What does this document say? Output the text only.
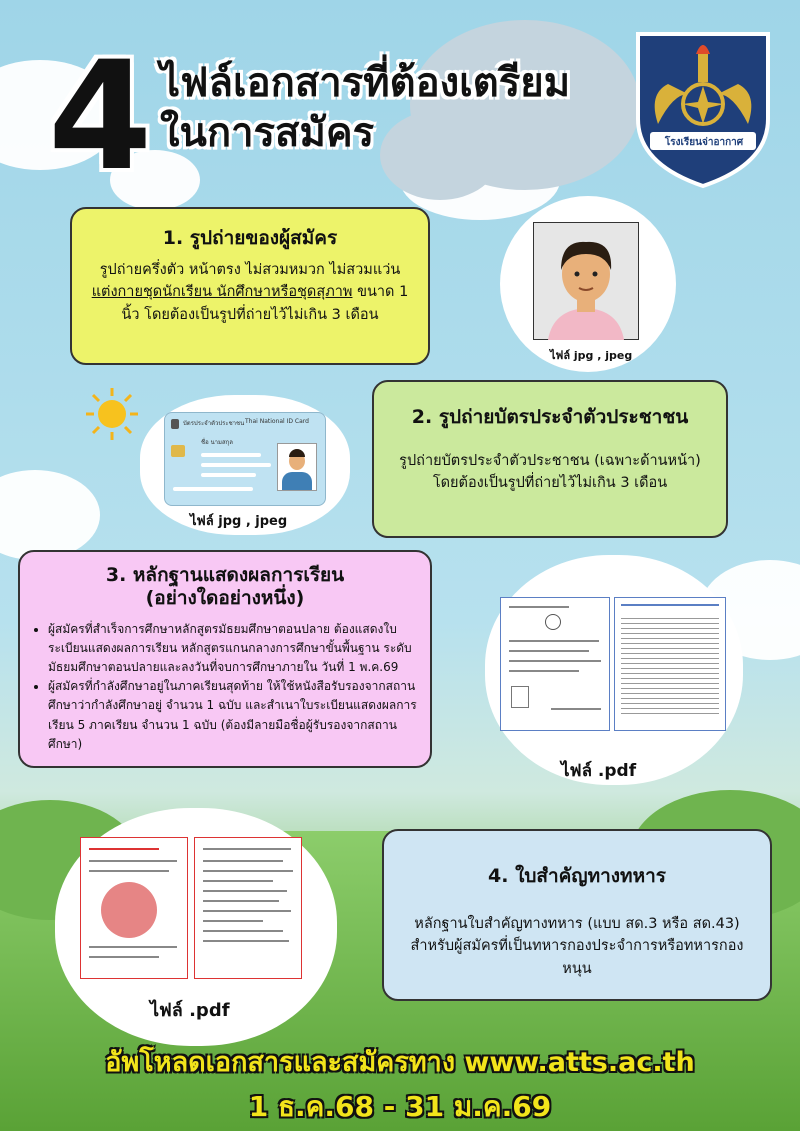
4 ไฟล์เอกสารที่ต้องเตรียม
ในการสมัคร	โรงเรียนจ่าอากาศ
1. รูปถ่ายของผู้สมัคร

รูปถ่ายครึ่งตัว หน้าตรง ไม่สวมหมวก ไม่สวมแว่น แต่งกายชุดนักเรียน นักศึกษาหรือชุดสุภาพ ขนาด 1 นิ้ว โดยต้องเป็นรูปที่ถ่ายไว้ไม่เกิน 3 เดือน

ไฟล์ jpg , jpeg
บัตรประจำตัวประชาชน Thai National ID Card
ชื่อ นามสกุล
ไฟล์ jpg , jpeg
2. รูปถ่ายบัตรประจำตัวประชาชน

รูปถ่ายบัตรประจำตัวประชาชน (เฉพาะด้านหน้า) โดยต้องเป็นรูปที่ถ่ายไว้ไม่เกิน 3 เดือน

3. หลักฐานแสดงผลการเรียน
(อย่างใดอย่างหนึ่ง)
• ผู้สมัครที่สำเร็จการศึกษาหลักสูตรมัธยมศึกษาตอนปลาย ต้องแสดงใบระเบียนแสดงผลการเรียน หลักสูตรแกนกลางการศึกษาขั้นพื้นฐาน ระดับมัธยมศึกษาตอนปลายและลงวันที่จบการศึกษาภายใน วันที่ 1 พ.ค.69
• ผู้สมัครที่กำลังศึกษาอยู่ในภาคเรียนสุดท้าย ให้ใช้หนังสือรับรองจากสถานศึกษาว่ากำลังศึกษาอยู่ จำนวน 1 ฉบับ และสำเนาใบระเบียนแสดงผลการเรียน 5 ภาคเรียน จำนวน 1 ฉบับ (ต้องมีลายมือชื่อผู้รับรองจากสถานศึกษา)
ไฟล์ .pdf
ไฟล์ .pdf
4. ใบสำคัญทางทหาร

หลักฐานใบสำคัญทางทหาร (แบบ สด.3 หรือ สด.43) สำหรับผู้สมัครที่เป็นทหารกองประจำการหรือทหารกองหนุน

อัพโหลดเอกสารและสมัครทาง www.atts.ac.th
1 ธ.ค.68 - 31 ม.ค.69
